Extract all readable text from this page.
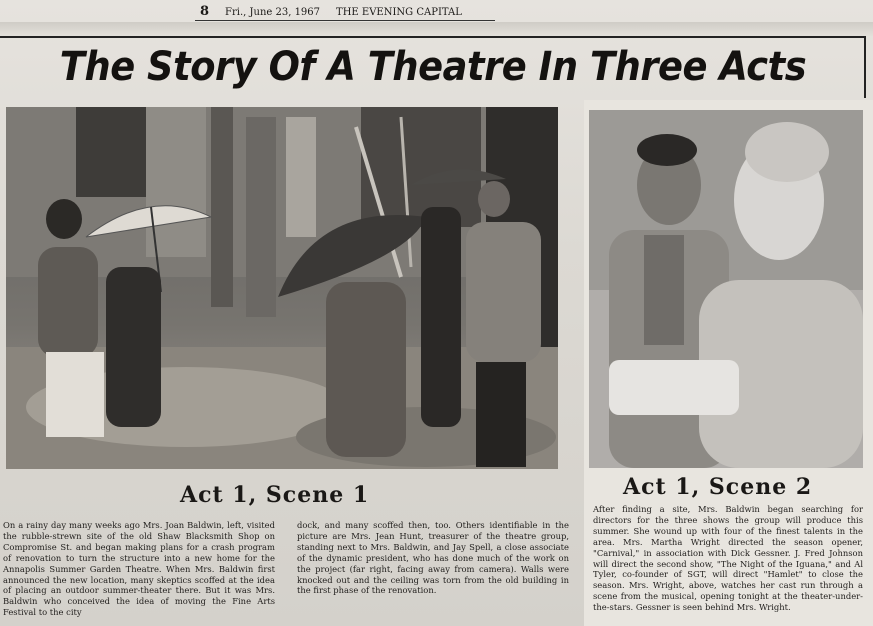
8 Fri., June 23, 1967 THE EVENING CAPITAL
The Story Of A Theatre In Three Acts
Act 1, Scene 1	Act 1, Scene 2
On a rainy day many weeks ago Mrs. Joan Baldwin, left, visited the rubble-strewn site of the old Shaw Blacksmith Shop on Compromise St. and began making plans for a crash program of renovation to turn the structure into a new home for the Annapolis Summer Garden Theatre. When Mrs. Baldwin first announced the new location, many skeptics scoffed at the idea of placing an outdoor summer-theater there. But it was Mrs. Baldwin who conceived the idea of moving the Fine Arts Festival to the city
dock, and many scoffed then, too. Others identifiable in the picture are Mrs. Jean Hunt, treasurer of the theatre group, standing next to Mrs. Baldwin, and Jay Spell, a close associate of the dynamic president, who has done much of the work on the project (far right, facing away from camera). Walls were knocked out and the ceiling was torn from the old building in the first phase of the renovation.
After finding a site, Mrs. Baldwin began searching for directors for the three shows the group will produce this summer. She wound up with four of the finest talents in the area. Mrs. Martha Wright directed the season opener, "Carnival," in association with Dick Gessner. J. Fred Johnson will direct the second show, "The Night of the Iguana," and Al Tyler, co-founder of SGT, will direct "Hamlet" to close the season. Mrs. Wright, above, watches her cast run through a scene from the musical, opening tonight at the theater-under-the-stars. Gessner is seen behind Mrs. Wright.
